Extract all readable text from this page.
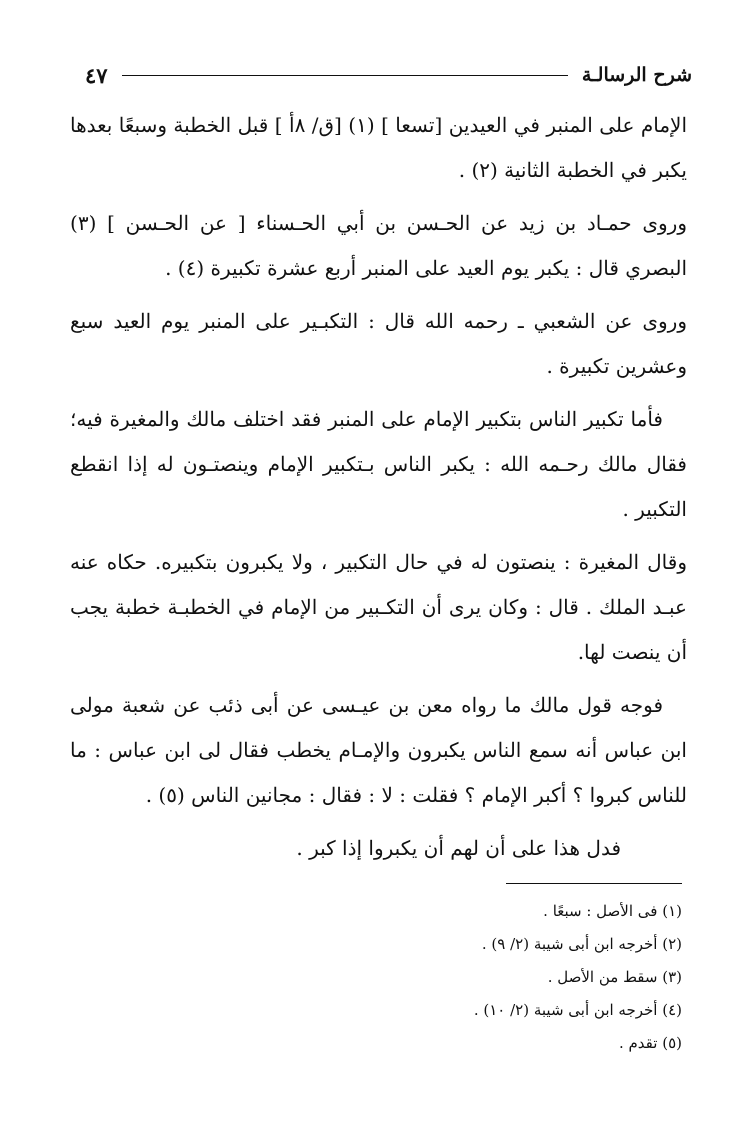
شرح الرسالـة
٤٧

الإمام على المنبر في العيدين [تسعا ] (١) [ق/ ٨أ ] قبل الخطبة وسبعًا بعدها يكبر في الخطبة الثانية (٢) .

وروى حمـاد بن زيد عن الحـسن بن أبي الحـسناء [ عن الحـسن ] (٣) البصري قال : يكبر يوم العيد على المنبر أربع عشرة تكبيرة (٤) .

وروى عن الشعبي ـ رحمه الله قال : التكبـير على المنبر يوم العيد سبع وعشرين تكبيرة .

فأما تكبير الناس بتكبير الإمام على المنبر فقد اختلف مالك والمغيرة فيه؛ فقال مالك رحـمه الله : يكبر الناس بـتكبير الإمام وينصتـون له إذا انقطع التكبير .

وقال المغيرة : ينصتون له في حال التكبير ، ولا يكبرون بتكبيره. حكاه عنه عبـد الملك . قال : وكان يرى أن التكـبير من الإمام في الخطبـة خطبة يجب أن ينصت لها.

فوجه قول مالك ما رواه معن بن عيـسى عن أبى ذئب عن شعبة مولى ابن عباس أنه سمع الناس يكبرون والإمـام يخطب فقال لى ابن عباس : ما للناس كبروا ؟ أكبر الإمام ؟ فقلت : لا : فقال : مجانين الناس (٥) .

فدل هذا على أن لهم أن يكبروا إذا كبر .

(١) فى الأصل : سبعًا .

(٢) أخرجه ابن أبى شيبة (٢/ ٩) .

(٣) سقط من الأصل .

(٤) أخرجه ابن أبى شيبة (٢/ ١٠) .

(٥) تقدم .
